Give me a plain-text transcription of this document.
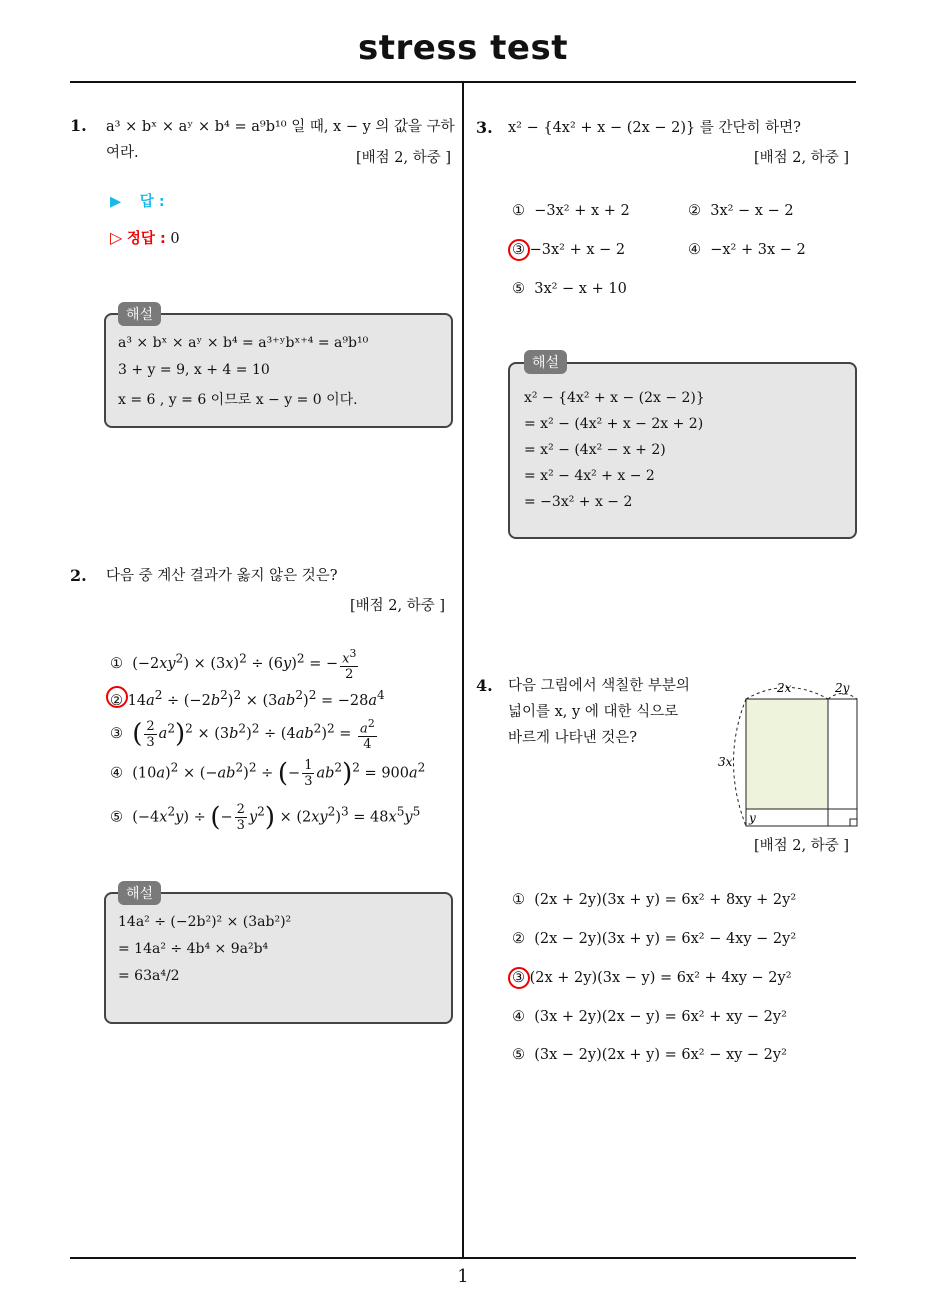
stress test
1. a³ × bˣ × aʸ × b⁴ = a⁹b¹⁰ 일 때, x − y 의 값을 구하
여라.	[배점 2, 하중 ]
▶ 답 :
▷ 정답 : 0
해설
a³ × bˣ × aʸ × b⁴ = a³⁺ʸbˣ⁺⁴ = a⁹b¹⁰
3 + y = 9, x + 4 = 10
x = 6 , y = 6 이므로 x − y = 0 이다.
2. 다음 중 계산 결과가 옳지 않은 것은?
[배점 2, 하중 ]
①  $(-2xy^2) \times (3x)^2 \div (6y)^2$ = − $\frac{x^3}{2}$
② $14a^2 \div (-2b^2)^2 \times (3ab^2)^2 = -28a^4$
③ ( $\frac{2}{3} a^2)^2 \times (3b^2)^2 \div (4ab^2)^2 = \frac{a^2}{4}$
④  $(10a)^2 \times (-ab^2)^2$ ÷ (− $\frac{1}{3} ab^2)^2 = 900a^2$
⑤  $(-4x^2y)$ ÷ (− $\frac{2}{3} y^2) \times (2xy^2)^3 = 48x^5y^5$
해설
14a² ÷ (−2b²)² × (3ab²)²
= 14a² ÷ 4b⁴ × 9a²b⁴
= 63a⁴/2
3. x² − {4x² + x − (2x − 2)} 를 간단히 하면?
[배점 2, 하중 ]
① −3x² + x + 2	② 3x² − x − 2
③ −3x² + x − 2	④ −x² + 3x − 2
⑤ 3x² − x + 10
해설
x² − {4x² + x − (2x − 2)}
= x² − (4x² + x − 2x + 2)
= x² − (4x² − x + 2)
= x² − 4x² + x − 2
= −3x² + x − 2
4. 다음 그림에서 색칠한 부분의
넓이를 x, y 에 대한 식으로
바르게 나타낸 것은?
2x	2y
3x
y
[배점 2, 하중 ]
① (2x + 2y)(3x + y) = 6x² + 8xy + 2y²
② (2x − 2y)(3x + y) = 6x² − 4xy − 2y²
③ (2x + 2y)(3x − y) = 6x² + 4xy − 2y²
④ (3x + 2y)(2x − y) = 6x² + xy − 2y²
⑤ (3x − 2y)(2x + y) = 6x² − xy − 2y²
1
